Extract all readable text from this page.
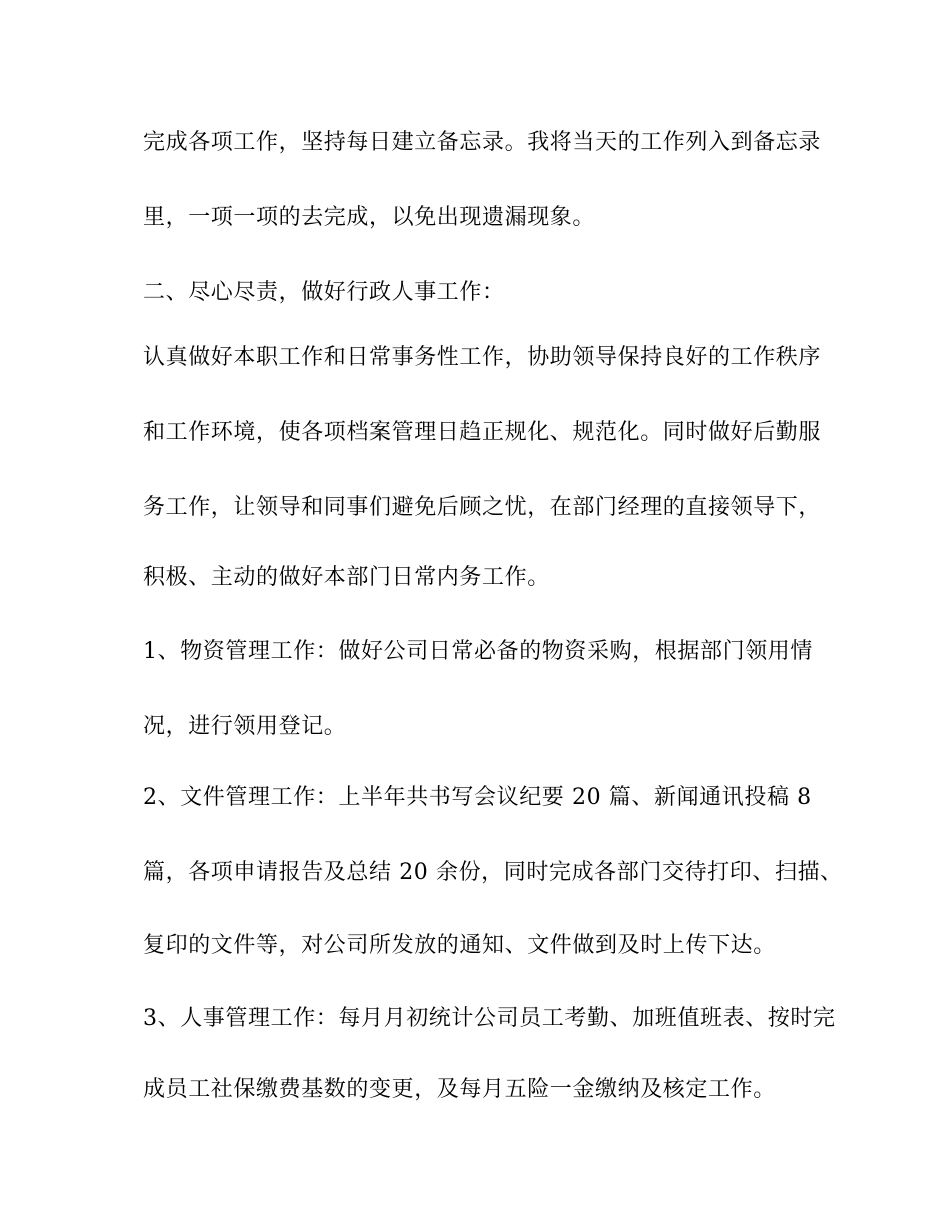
完成各项工作，坚持每日建立备忘录。我将当天的工作列入到备忘录

里，一项一项的去完成，以免出现遗漏现象。

二、尽心尽责，做好行政人事工作：

认真做好本职工作和日常事务性工作，协助领导保持良好的工作秩序

和工作环境，使各项档案管理日趋正规化、规范化。同时做好后勤服

务工作，让领导和同事们避免后顾之忧，在部门经理的直接领导下，

积极、主动的做好本部门日常内务工作。

1、物资管理工作：做好公司日常必备的物资采购，根据部门领用情

况，进行领用登记。

2、文件管理工作：上半年共书写会议纪要 20 篇、新闻通讯投稿 8

篇，各项申请报告及总结 20 余份，同时完成各部门交待打印、扫描、

复印的文件等，对公司所发放的通知、文件做到及时上传下达。

3、人事管理工作：每月月初统计公司员工考勤、加班值班表、按时完

成员工社保缴费基数的变更，及每月五险一金缴纳及核定工作。
